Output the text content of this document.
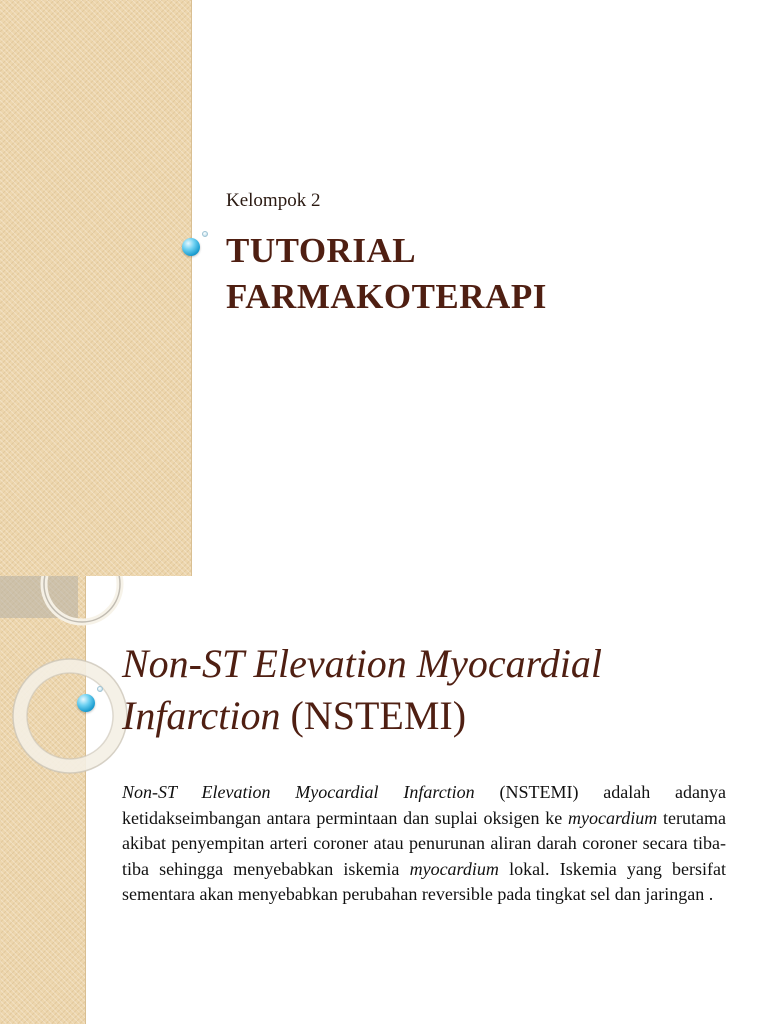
Kelompok 2
TUTORIAL
FARMAKOTERAPI
Non-ST Elevation Myocardial
Infarction (NSTEMI)

Non-ST Elevation Myocardial Infarction (NSTEMI) adalah adanya ketidakseimbangan antara permintaan dan suplai oksigen ke myocardium terutama akibat penyempitan arteri coroner atau penurunan aliran darah coroner secara tiba-tiba sehingga menyebabkan iskemia myocardium lokal. Iskemia yang bersifat sementara akan menyebabkan perubahan reversible pada tingkat sel dan jaringan .
